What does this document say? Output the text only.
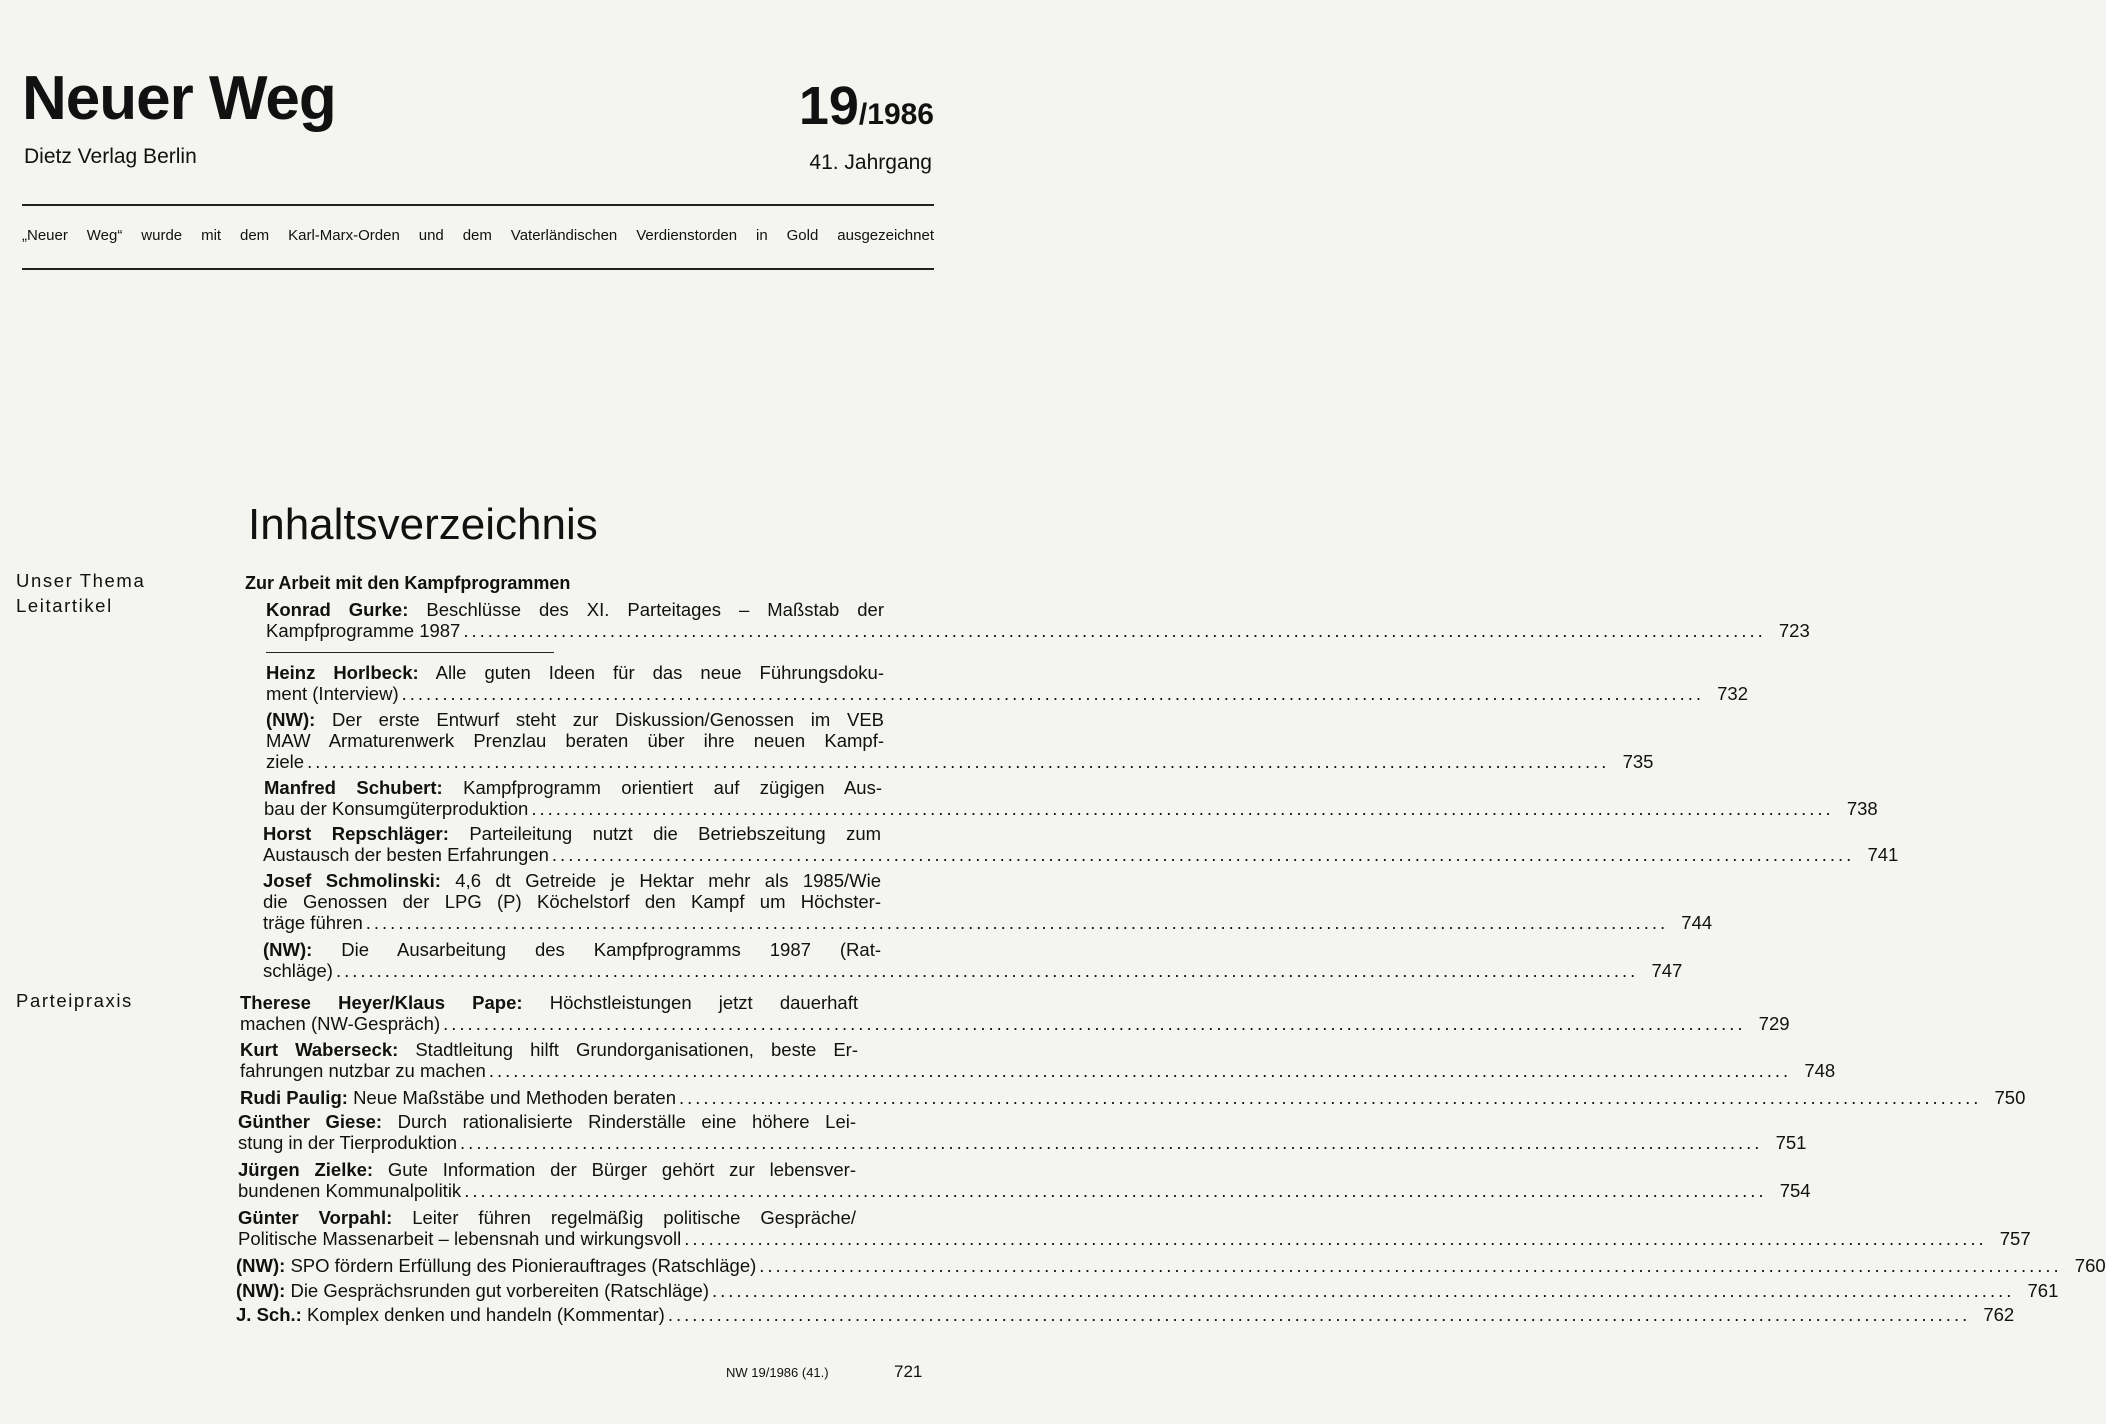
Neuer Weg
Dietz Verlag Berlin
19/1986
41. Jahrgang
„Neuer Weg“ wurde mit dem Karl-Marx-Orden und dem Vaterländischen Verdienstorden in Gold ausgezeichnet
Inhaltsverzeichnis
Unser Thema
Leitartikel
Parteipraxis
Zur Arbeit mit den Kampfprogrammen
Konrad Gurke: Beschlüsse des XI. Parteitages – Maßstab der
Kampfprogramme 1987 ................................................................................................................................................................ 723
Heinz Horlbeck: Alle guten Ideen für das neue Führungsdoku-
ment (Interview) ................................................................................................................................................................ 732
(NW): Der erste Entwurf steht zur Diskussion/Genossen im VEB
MAW Armaturenwerk Prenzlau beraten über ihre neuen Kampf-
ziele ................................................................................................................................................................ 735
Manfred Schubert: Kampfprogramm orientiert auf zügigen Aus-
bau der Konsumgüterproduktion ................................................................................................................................................................ 738
Horst Repschläger: Parteileitung nutzt die Betriebszeitung zum
Austausch der besten Erfahrungen ................................................................................................................................................................ 741
Josef Schmolinski: 4,6 dt Getreide je Hektar mehr als 1985/Wie
die Genossen der LPG (P) Köchelstorf den Kampf um Höchster-
träge führen ................................................................................................................................................................ 744
(NW): Die Ausarbeitung des Kampfprogramms 1987 (Rat-
schläge) ................................................................................................................................................................ 747
Therese Heyer/Klaus Pape: Höchstleistungen jetzt dauerhaft
machen (NW-Gespräch) ................................................................................................................................................................ 729
Kurt Waberseck: Stadtleitung hilft Grundorganisationen, beste Er-
fahrungen nutzbar zu machen ................................................................................................................................................................ 748
Rudi Paulig: Neue Maßstäbe und Methoden beraten ................................................................................................................................................................ 750
Günther Giese: Durch rationalisierte Rinderställe eine höhere Lei-
stung in der Tierproduktion ................................................................................................................................................................ 751
Jürgen Zielke: Gute Information der Bürger gehört zur lebensver-
bundenen Kommunalpolitik ................................................................................................................................................................ 754
Günter Vorpahl: Leiter führen regelmäßig politische Gespräche/
Politische Massenarbeit – lebensnah und wirkungsvoll ................................................................................................................................................................ 757
(NW): SPO fördern Erfüllung des Pionierauftrages (Ratschläge) ................................................................................................................................................................ 760
(NW): Die Gesprächsrunden gut vorbereiten (Ratschläge) ................................................................................................................................................................ 761
J. Sch.: Komplex denken und handeln (Kommentar) ................................................................................................................................................................ 762
NW 19/1986 (41.)	721
